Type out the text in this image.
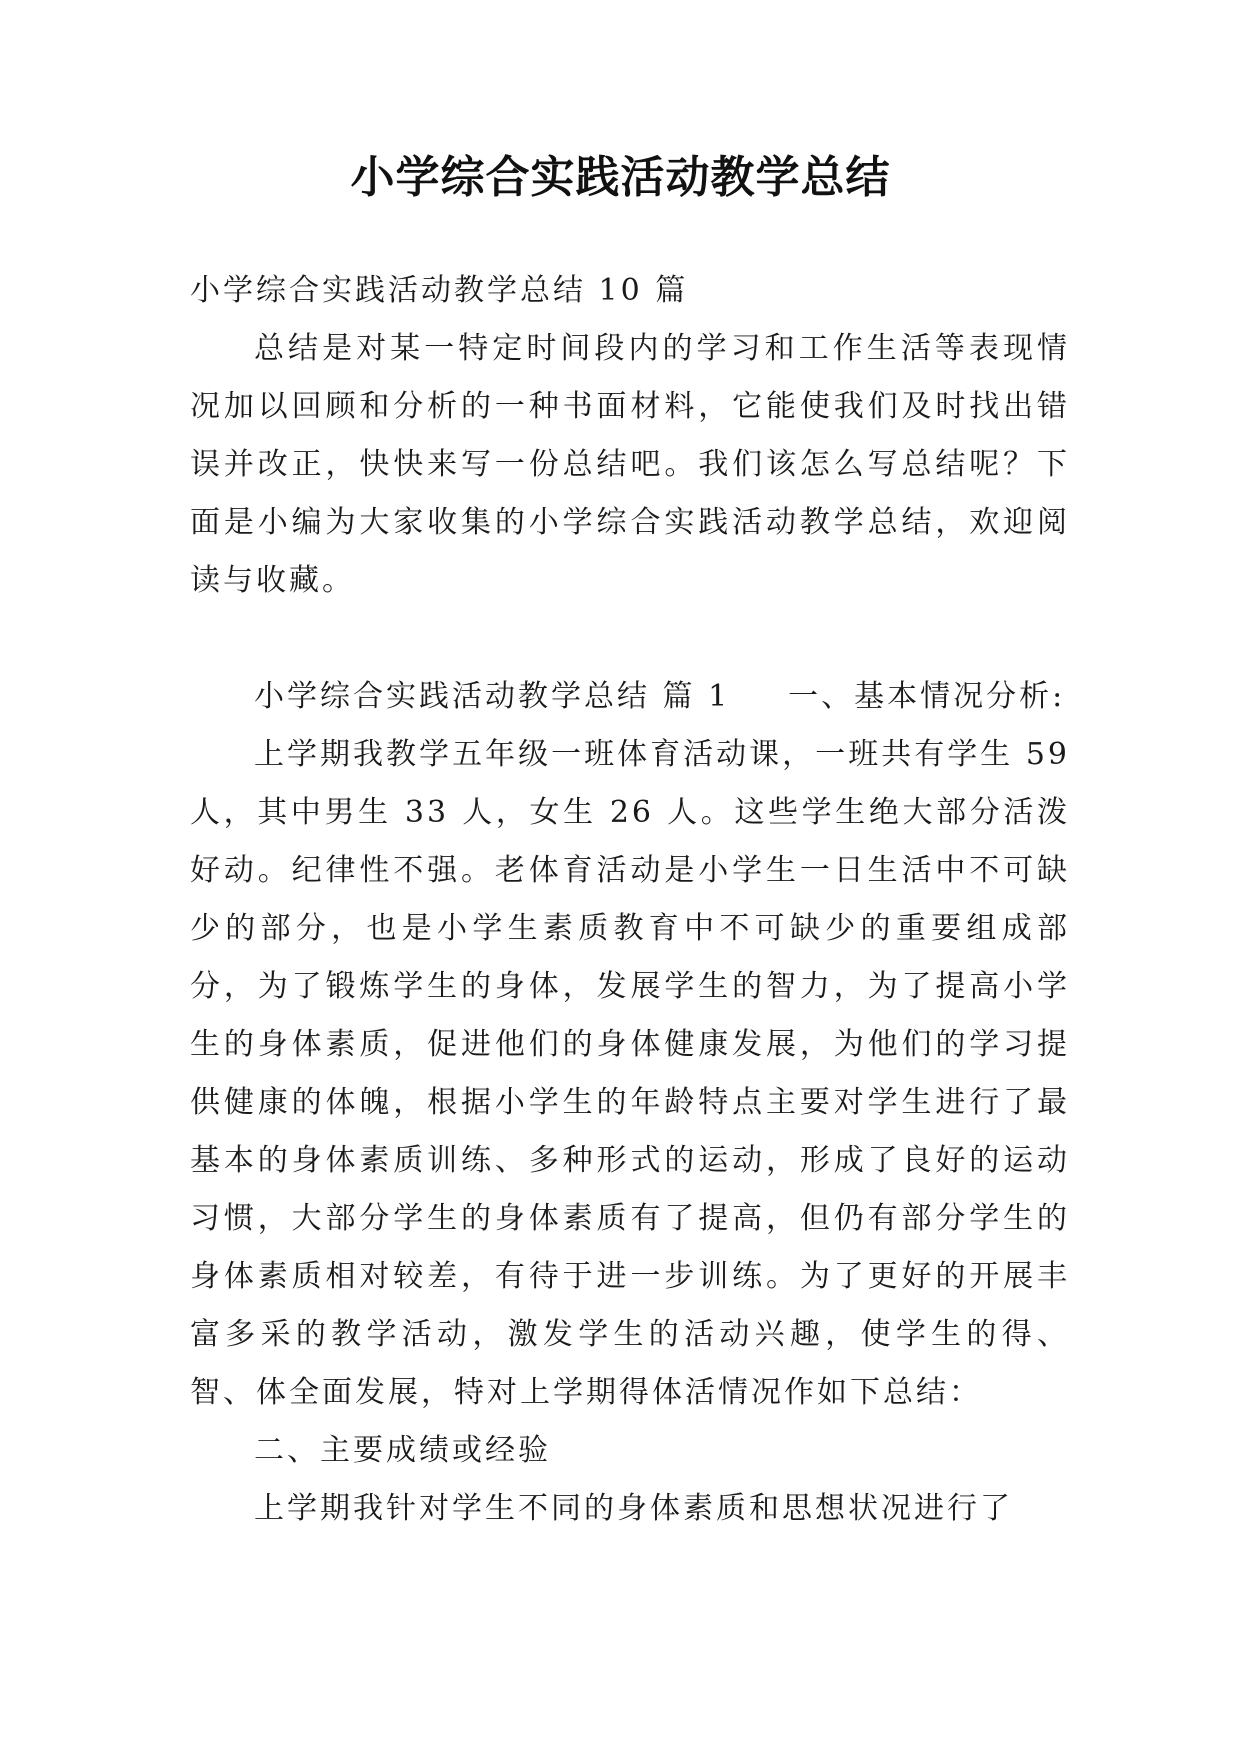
小学综合实践活动教学总结

小学综合实践活动教学总结 10 篇

总结是对某一特定时间段内的学习和工作生活等表现情况加以回顾和分析的一种书面材料，它能使我们及时找出错误并改正，快快来写一份总结吧。我们该怎么写总结呢？下面是小编为大家收集的小学综合实践活动教学总结，欢迎阅读与收藏。

小学综合实践活动教学总结 篇 1 一、基本情况分析:

上学期我教学五年级一班体育活动课，一班共有学生 59 人，其中男生 33 人，女生 26 人。这些学生绝大部分活泼好动。纪律性不强。老体育活动是小学生一日生活中不可缺少的部分，也是小学生素质教育中不可缺少的重要组成部分，为了锻炼学生的身体，发展学生的智力，为了提高小学生的身体素质，促进他们的身体健康发展，为他们的学习提供健康的体魄，根据小学生的年龄特点主要对学生进行了最基本的身体素质训练、多种形式的运动，形成了良好的运动习惯，大部分学生的身体素质有了提高，但仍有部分学生的身体素质相对较差，有待于进一步训练。为了更好的开展丰富多采的教学活动，激发学生的活动兴趣，使学生的得、智、体全面发展，特对上学期得体活情况作如下总结：

二、主要成绩或经验

上学期我针对学生不同的身体素质和思想状况进行了
